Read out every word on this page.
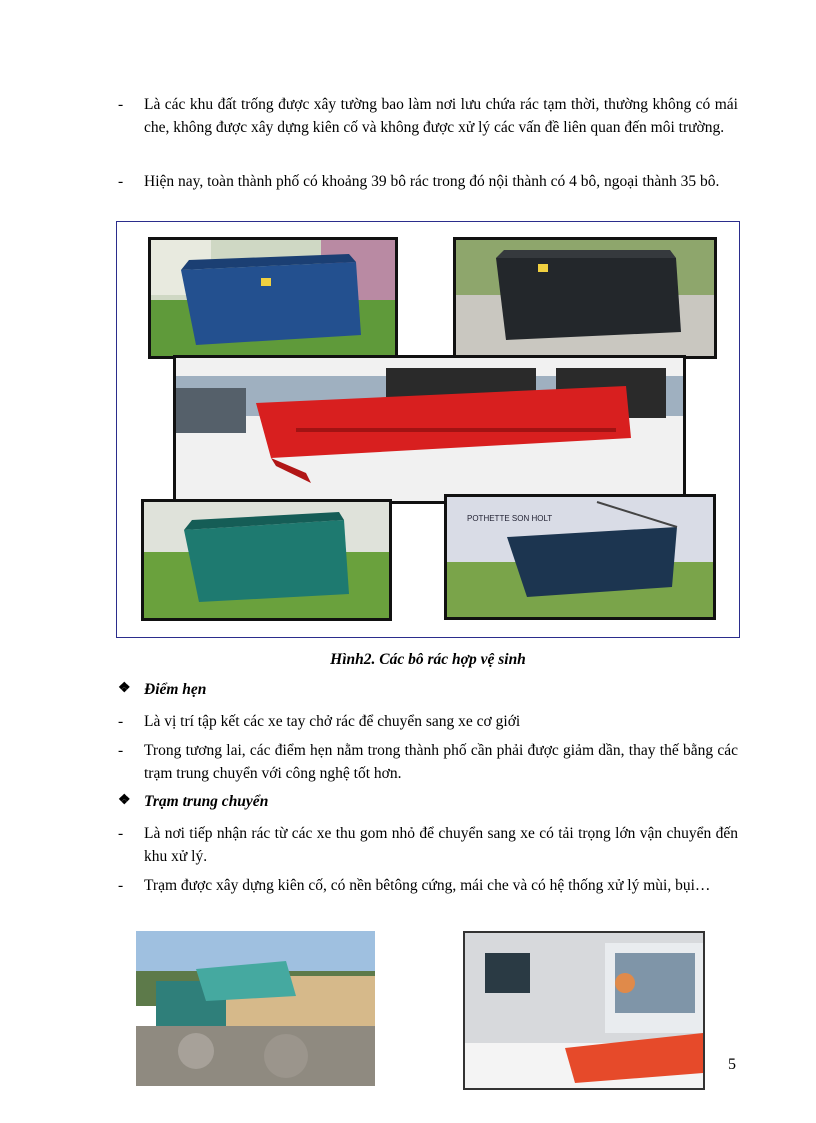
- Là các khu đất trống được xây tường bao làm nơi lưu chứa rác tạm thời, thường không có mái che, không được xây dựng kiên cố và không được xử lý các vấn đề liên quan đến môi trường.
- Hiện nay, toàn thành phố có khoảng 39 bô rác trong đó nội thành có 4 bô, ngoại thành 35 bô.
POTHETTE SON HOLT
Hình2. Các bô rác hợp vệ sinh
❖ Điểm hẹn
- Là vị trí tập kết các xe tay chở rác để chuyển sang xe cơ giới
- Trong tương lai, các điểm hẹn nằm trong thành phố cần phải được giảm dần, thay thế bằng các trạm trung chuyển với công nghệ tốt hơn.
❖ Trạm trung chuyển
- Là nơi tiếp nhận rác từ các xe thu gom nhỏ để chuyển sang xe có tải trọng lớn vận chuyển đến khu xử lý.
- Trạm được xây dựng kiên cố, có nền bêtông cứng, mái che và có hệ thống xử lý mùi, bụi…
5
